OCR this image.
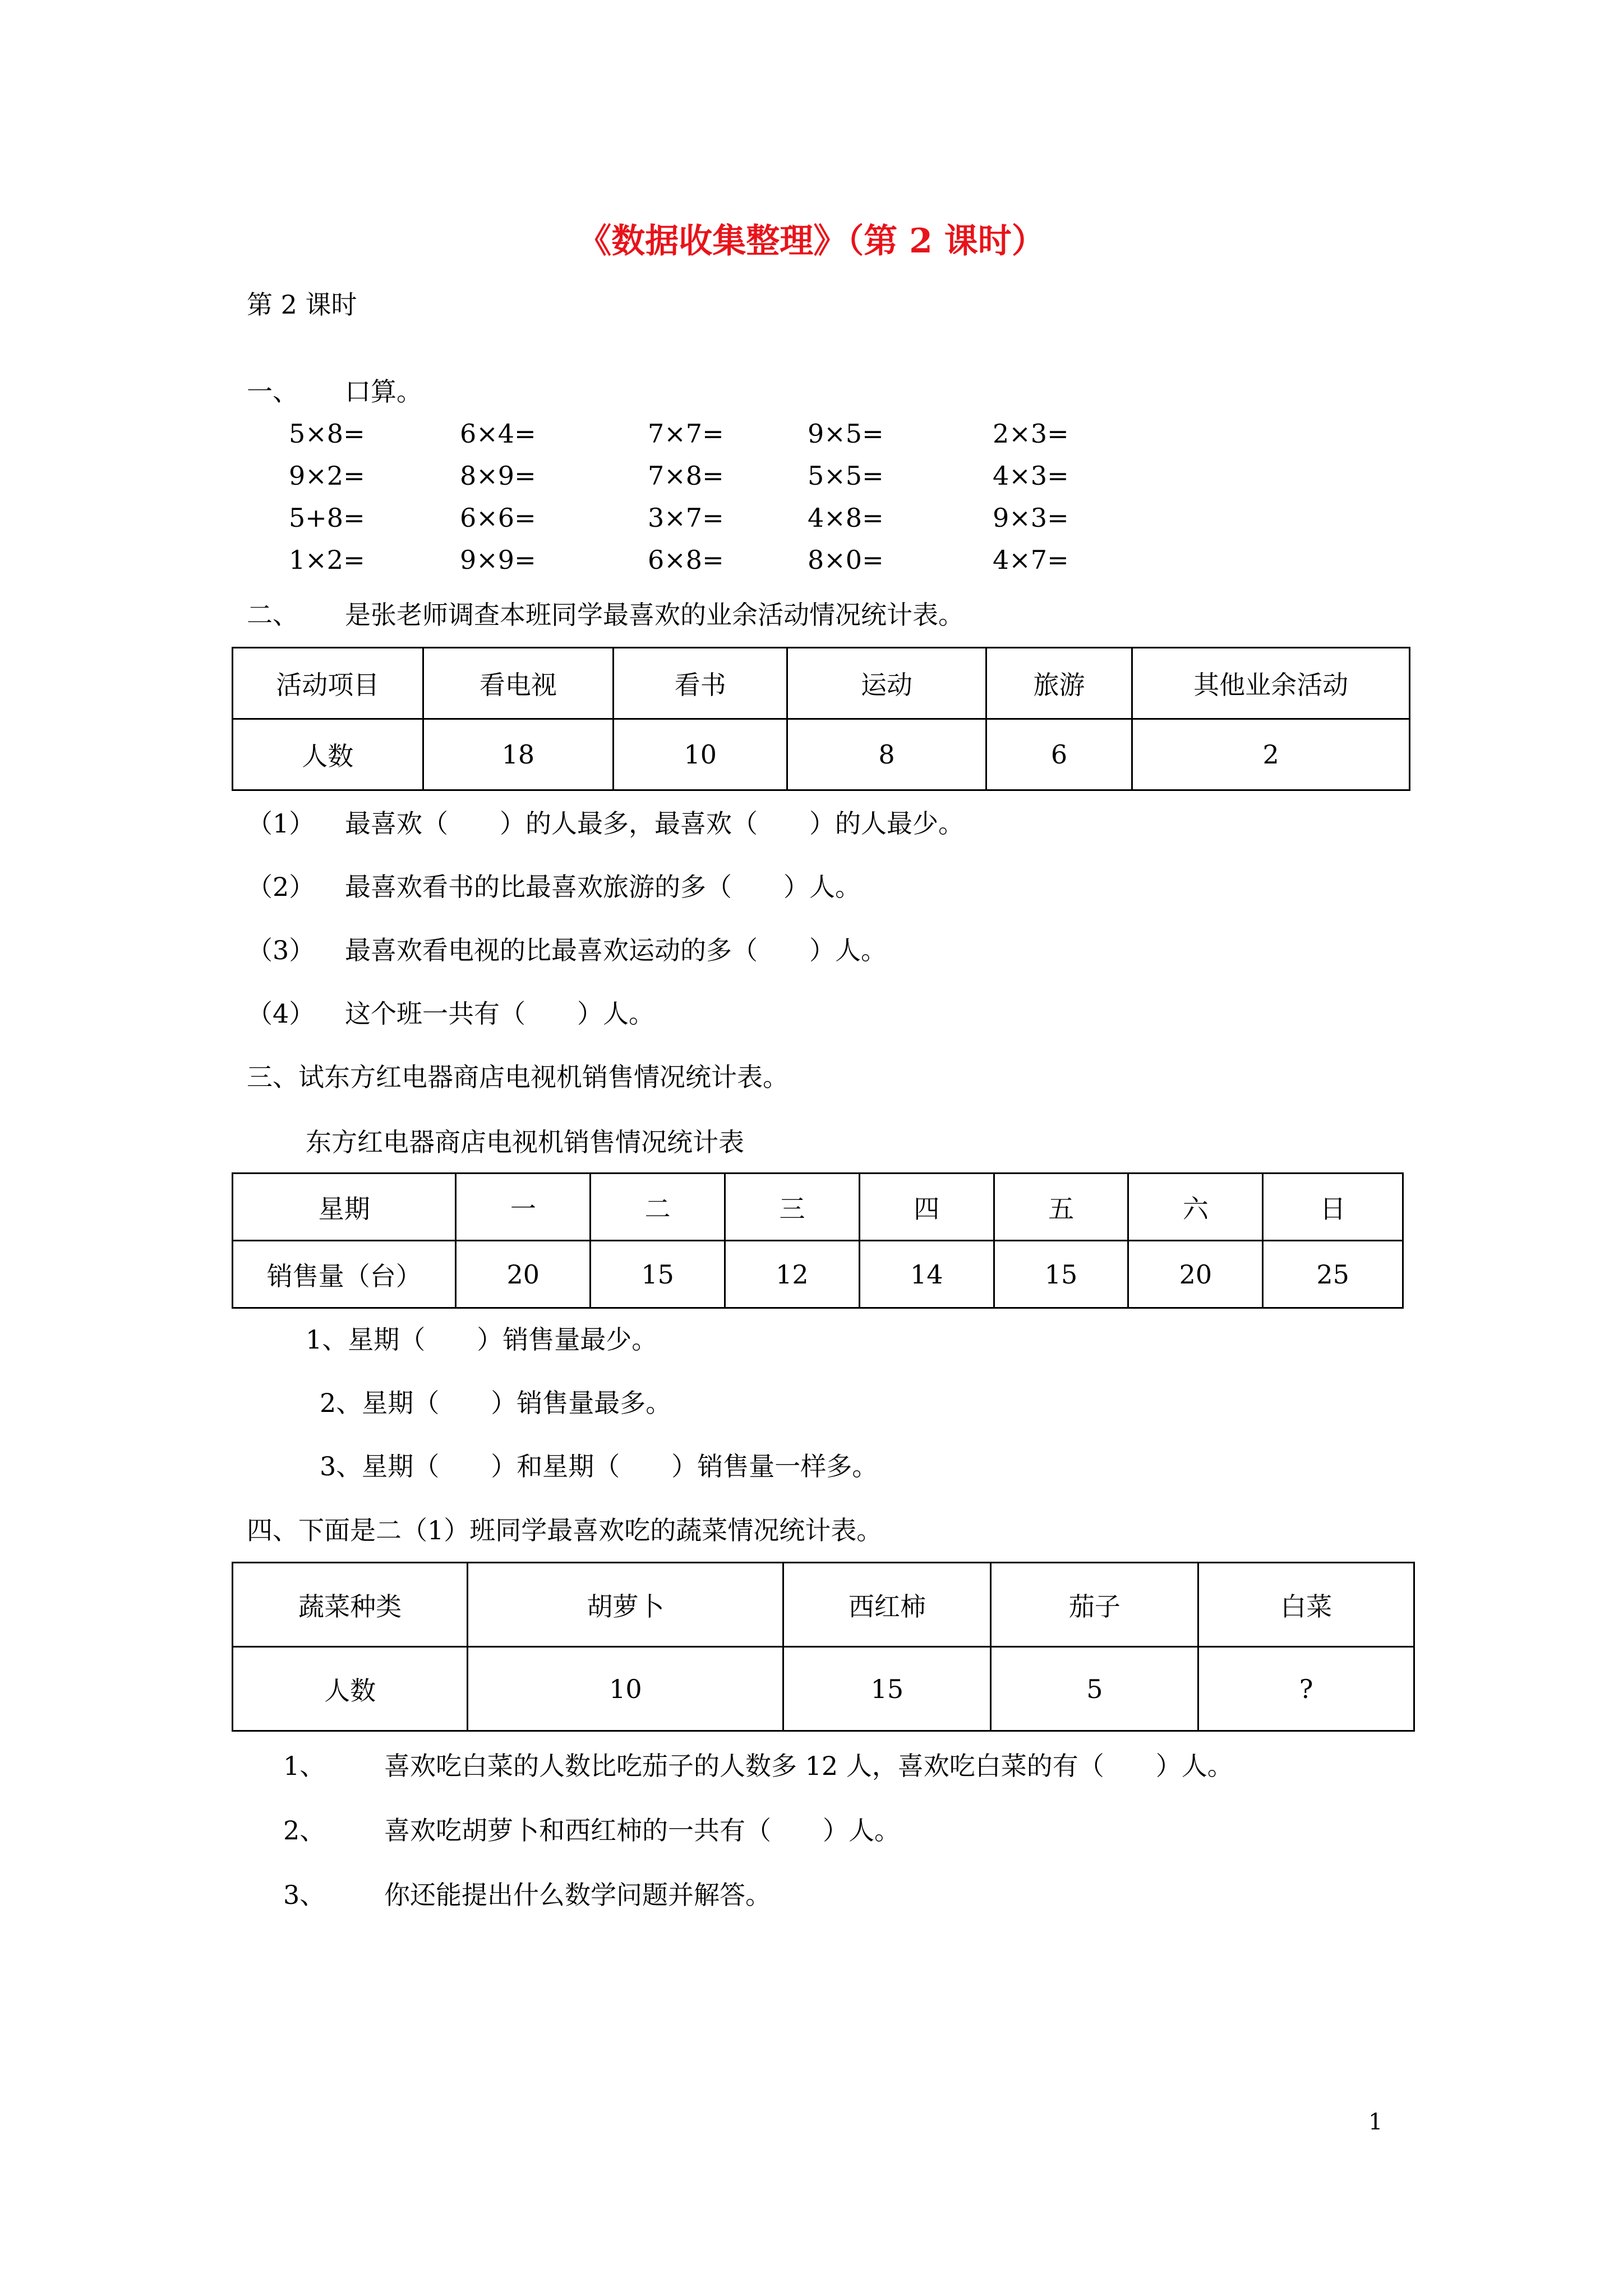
《数据收集整理》（第 2 课时）
第 2 课时
一、 口算。
5×8=	6×4=	7×7=	9×5=	2×3=
9×2=	8×9=	7×8=	5×5=	4×3=
5+8=	6×6=	3×7=	4×8=	9×3=
1×2=	9×9=	6×8=	8×0=	4×7=
二、 是张老师调查本班同学最喜欢的业余活动情况统计表。
活动项目	看电视	看书	运动	旅游	其他业余活动
人数	18	10	8	6	2
（1） 最喜欢（　　）的人最多，最喜欢（　　）的人最少。
（2） 最喜欢看书的比最喜欢旅游的多（　　）人。
（3） 最喜欢看电视的比最喜欢运动的多（　　）人。
（4） 这个班一共有（　　）人。
三、试东方红电器商店电视机销售情况统计表。
东方红电器商店电视机销售情况统计表
星期	一	二	三	四	五	六	日
销售量（台）	20	15	12	14	15	20	25
1、星期（　　）销售量最少。
2、星期（　　）销售量最多。
3、星期（　　）和星期（　　）销售量一样多。
四、下面是二（1）班同学最喜欢吃的蔬菜情况统计表。
蔬菜种类	胡萝卜	西红柿	茄子	白菜
人数	10	15	5	?
1、 喜欢吃白菜的人数比吃茄子的人数多 12 人，喜欢吃白菜的有（　　）人。
2、 喜欢吃胡萝卜和西红柿的一共有（　　）人。
3、 你还能提出什么数学问题并解答。
1
